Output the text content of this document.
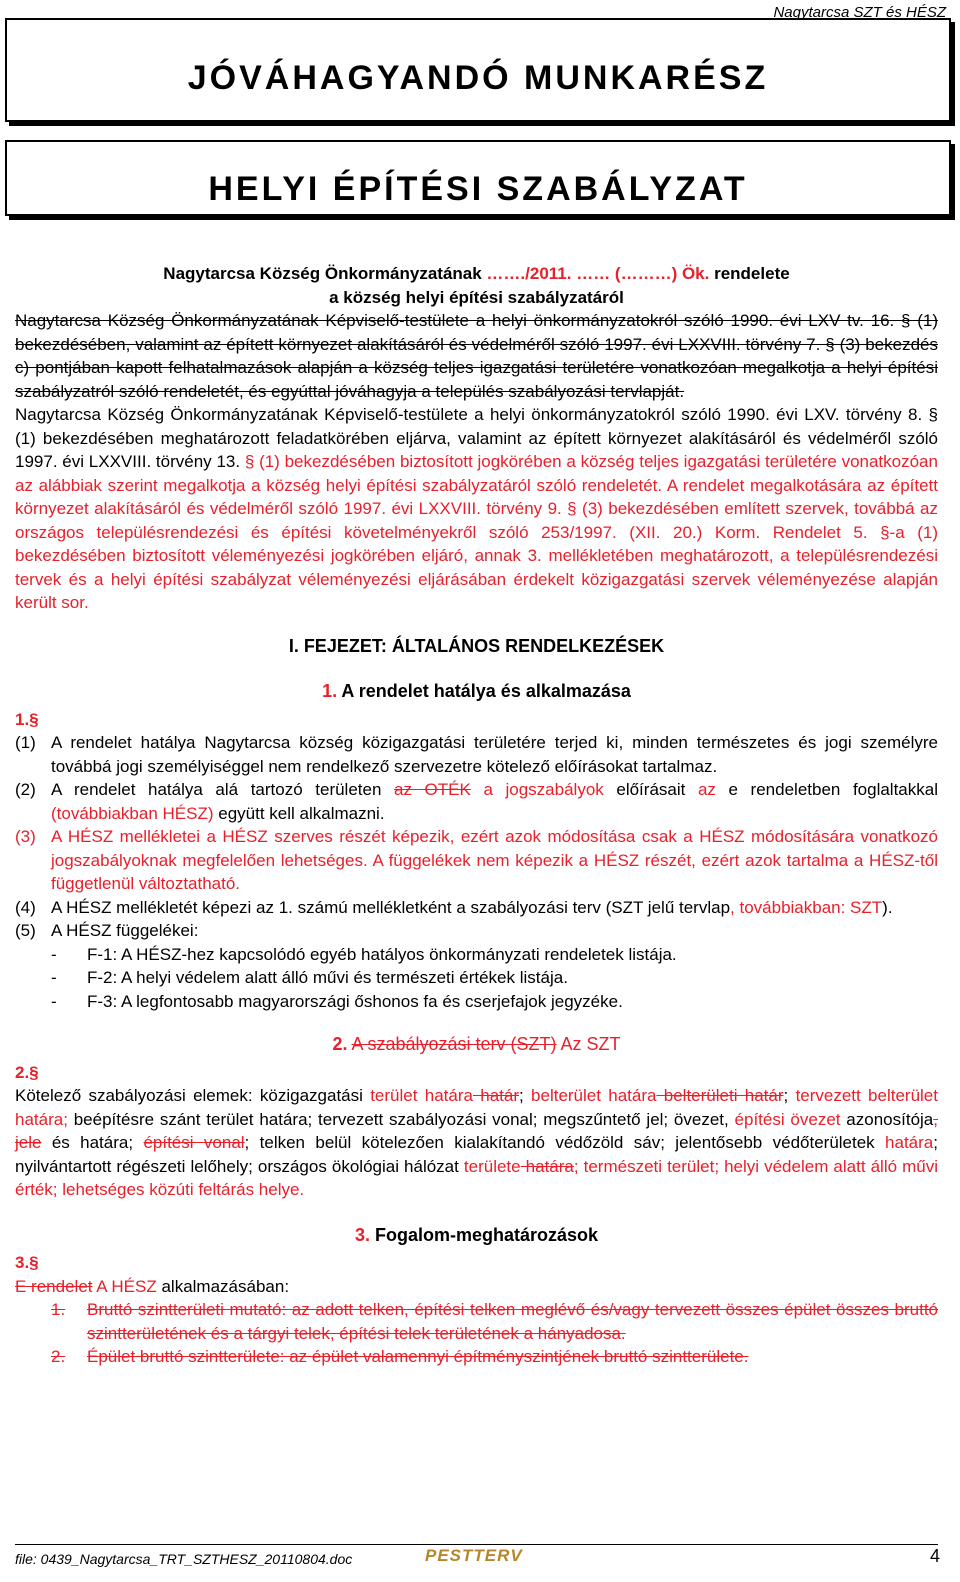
Nagytarcsa SZT és HÉSZ
JÓVÁHAGYANDÓ MUNKARÉSZ
HELYI ÉPÍTÉSI SZABÁLYZAT
Nagytarcsa Község Önkormányzatának ……./2011. …… (………) Ök. rendelete
a község helyi építési szabályzatáról

Nagytarcsa Község Önkormányzatának Képviselő-testülete a helyi önkormányzatokról szóló 1990. évi LXV tv. 16. § (1) bekezdésében, valamint az épített környezet alakításáról és védelméről szóló 1997. évi LXXVIII. törvény 7. § (3) bekezdés c) pontjában kapott felhatalmazások alapján a község teljes igazgatási területére vonatkozóan megalkotja a helyi építési szabályzatról szóló rendeletét, és egyúttal jóváhagyja a település szabályozási tervlapját.

Nagytarcsa Község Önkormányzatának Képviselő-testülete a helyi önkormányzatokról szóló 1990. évi LXV. törvény 8. § (1) bekezdésében meghatározott feladatkörében eljárva, valamint az épített környezet alakításáról és védelméről szóló 1997. évi LXXVIII. törvény 13. § (1) bekezdésében biztosított jogkörében a község teljes igazgatási területére vonatkozóan az alábbiak szerint megalkotja a község helyi építési szabályzatáról szóló rendeletét. A rendelet megalkotására az épített környezet alakításáról és védelméről szóló 1997. évi LXXVIII. törvény 9. § (3) bekezdésében említett szervek, továbbá az országos településrendezési és építési követelményekről szóló 253/1997. (XII. 20.) Korm. Rendelet 5. §-a (1) bekezdésében biztosított véleményezési jogkörében eljáró, annak 3. mellékletében meghatározott, a településrendezési tervek és a helyi építési szabályzat véleményezési eljárásában érdekelt közigazgatási szervek véleményezése alapján került sor.

I. FEJEZET: ÁLTALÁNOS RENDELKEZÉSEK
1. A rendelet hatálya és alkalmazása
1.§
(1) A rendelet hatálya Nagytarcsa község közigazgatási területére terjed ki, minden természetes és jogi személyre továbbá jogi személyiséggel nem rendelkező szervezetre kötelező előírásokat tartalmaz.
(2) A rendelet hatálya alá tartozó területen az OTÉK a jogszabályok előírásait az e rendeletben foglaltakkal (továbbiakban HÉSZ) együtt kell alkalmazni.
(3) A HÉSZ mellékletei a HÉSZ szerves részét képezik, ezért azok módosítása csak a HÉSZ módosítására vonatkozó jogszabályoknak megfelelően lehetséges. A függelékek nem képezik a HÉSZ részét, ezért azok tartalma a HÉSZ-től függetlenül változtatható.
(4) A HÉSZ mellékletét képezi az 1. számú mellékletként a szabályozási terv (SZT jelű tervlap, továbbiakban: SZT).
(5) A HÉSZ függelékei:
-	F-1: A HÉSZ-hez kapcsolódó egyéb hatályos önkormányzati rendeletek listája.
-	F-2: A helyi védelem alatt álló művi és természeti értékek listája.
-	F-3: A legfontosabb magyarországi őshonos fa és cserjefajok jegyzéke.
2. A szabályozási terv (SZT) Az SZT
2.§

Kötelező szabályozási elemek: közigazgatási terület határa határ; belterület határa belterületi határ; tervezett belterület határa; beépítésre szánt terület határa; tervezett szabályozási vonal; megszűntető jel; övezet, építési övezet azonosítója, jele és határa; építési vonal; telken belül kötelezően kialakítandó védőzöld sáv; jelentősebb védőterületek határa; nyilvántartott régészeti lelőhely; országos ökológiai hálózat területe határa; természeti terület; helyi védelem alatt álló művi érték; lehetséges közúti feltárás helye.

3. Fogalom-meghatározások
3.§
E rendelet A HÉSZ alkalmazásában:
1.	Bruttó szintterületi mutató: az adott telken, építési telken meglévő és/vagy tervezett összes épület összes bruttó szintterületének és a tárgyi telek, építési telek területének a hányadosa.
2.	Épület bruttó szintterülete: az épület valamennyi építményszintjének bruttó szintterülete.
file: 0439_Nagytarcsa_TRT_SZTHESZ_20110804.doc	PESTTERV	4
